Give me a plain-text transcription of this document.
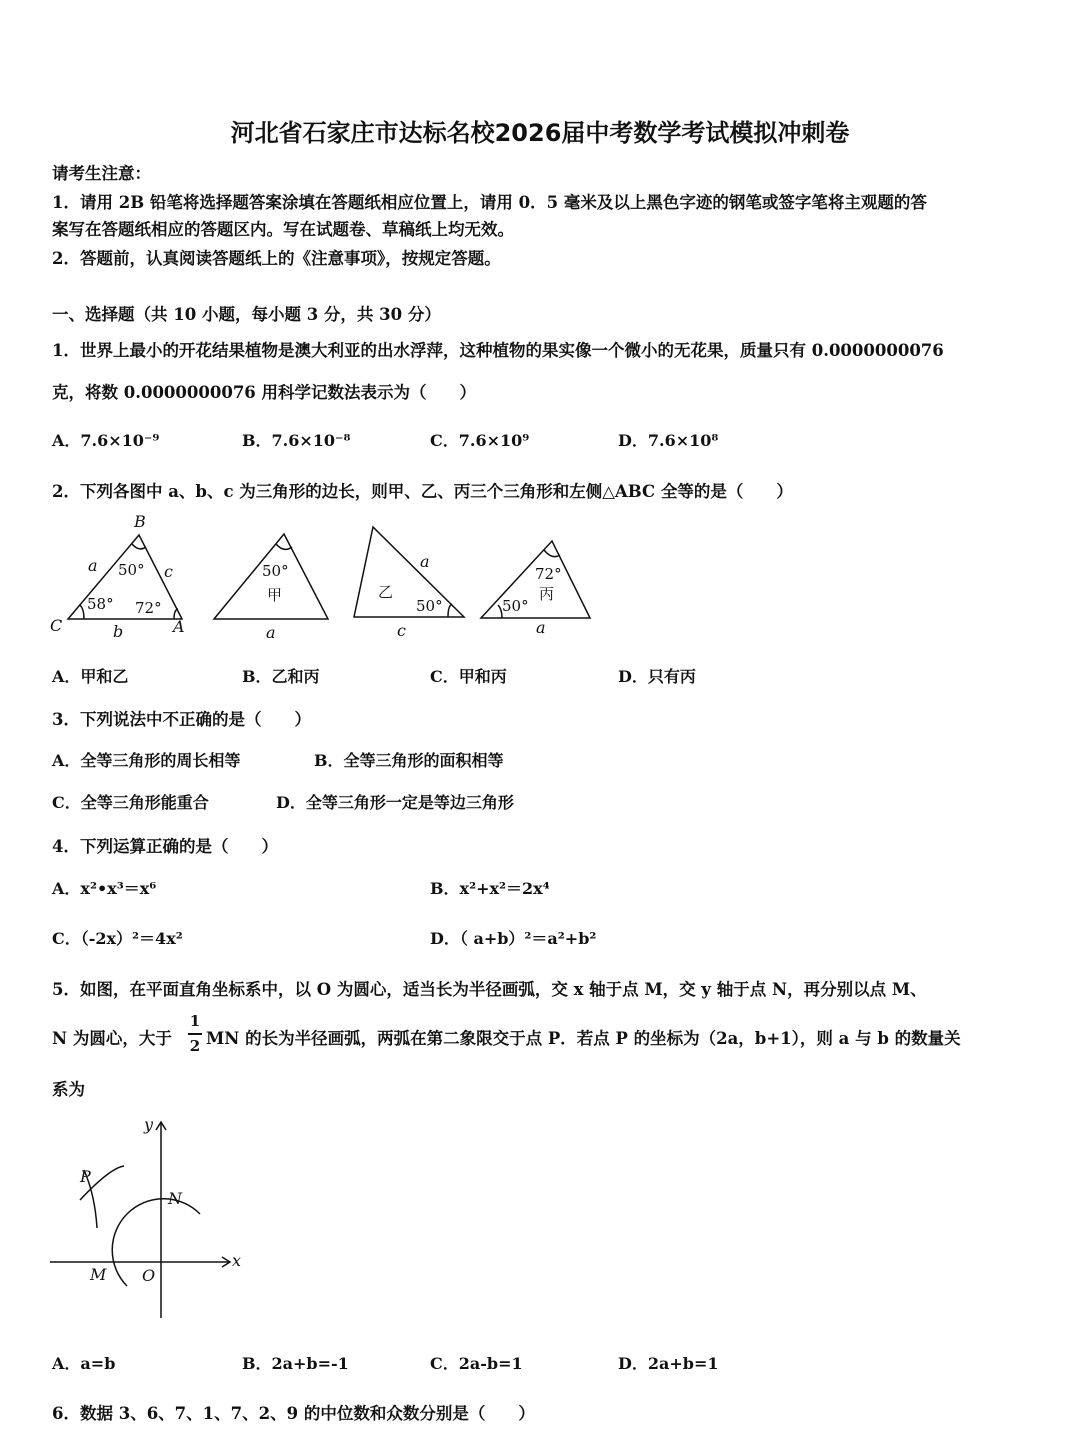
河北省石家庄市达标名校2026届中考数学考试模拟冲刺卷
请考生注意：
1．请用 2B 铅笔将选择题答案涂填在答题纸相应位置上，请用 0．5 毫米及以上黑色字迹的钢笔或签字笔将主观题的答
案写在答题纸相应的答题区内。写在试题卷、草稿纸上均无效。
2．答题前，认真阅读答题纸上的《注意事项》，按规定答题。
一、选择题（共 10 小题，每小题 3 分，共 30 分）
1．世界上最小的开花结果植物是澳大利亚的出水浮萍，这种植物的果实像一个微小的无花果，质量只有 0.0000000076
克，将数 0.0000000076 用科学记数法表示为（　　）
A．7.6×10⁻⁹	B．7.6×10⁻⁸	C．7.6×10⁹	D．7.6×10⁸
2．下列各图中 a、b、c 为三角形的边长，则甲、乙、丙三个三角形和左侧△ABC 全等的是（　　）
B
a	c
b
C	A
50°
58° 72°
50°
甲
a
a
乙
50°
c
72°
丙
50°
a
A．甲和乙	B．乙和丙	C．甲和丙	D．只有丙
3．下列说法中不正确的是（　　）
A．全等三角形的周长相等	B．全等三角形的面积相等
C．全等三角形能重合	D．全等三角形一定是等边三角形
4．下列运算正确的是（　　）
A．x²•x³＝x⁶	B．x²+x²＝2x⁴
C．（-2x）²＝4x²	D．（ a+b）²＝a²+b²
5．如图，在平面直角坐标系中，以 O 为圆心，适当长为半径画弧，交 x 轴于点 M，交 y 轴于点 N，再分别以点 M、
N 为圆心，大于
1
2 MN 的长为半径画弧，两弧在第二象限交于点 P．若点 P 的坐标为（2a，b+1），则 a 与 b 的数量关
系为
y
x
P
N
M O
A．a=b	B．2a+b=-1	C．2a-b=1	D．2a+b=1
6．数据 3、6、7、1、7、2、9 的中位数和众数分别是（　　）
